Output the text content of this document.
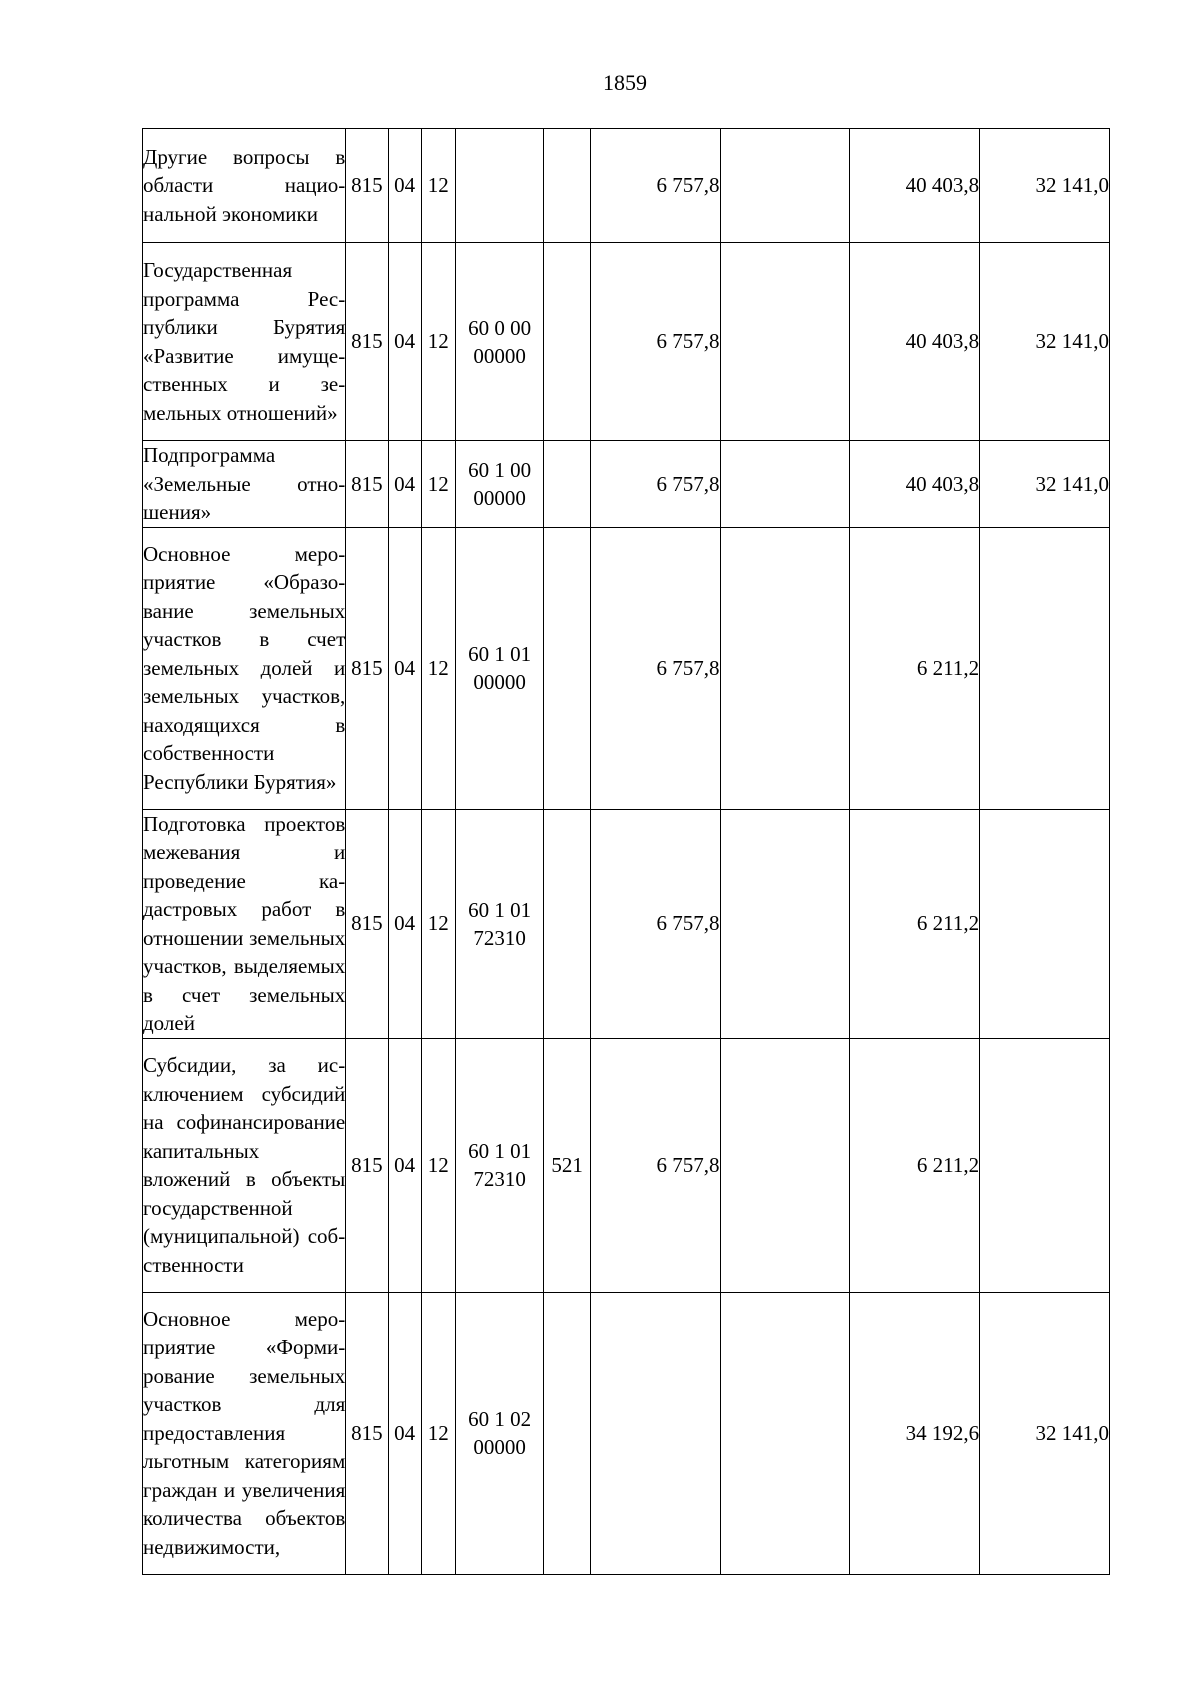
1859
Другие вопросы в области национальной экономики	815	04	12			6 757,8		40 403,8	32 141,0
Государственная программа Республики Бурятия «Развитие имущественных и земельных отношений»	815	04	12	60 0 00 00000		6 757,8		40 403,8	32 141,0
Подпрограмма «Земельные отношения»	815	04	12	60 1 00 00000		6 757,8		40 403,8	32 141,0
Основное мероприятие «Образование земельных участков в счет земельных долей и земельных участков, находящихся в собственности Республики Бурятия»	815	04	12	60 1 01 00000		6 757,8		6 211,2	
Подготовка проектов межевания и проведение кадастровых работ в отношении земельных участков, выделяемых в счет земельных долей	815	04	12	60 1 01 72310		6 757,8		6 211,2	
Субсидии, за исключением субсидий на софинансирование капитальных вложений в объекты государственной (муниципальной) собственности	815	04	12	60 1 01 72310	521	6 757,8		6 211,2	
Основное мероприятие «Формирование земельных участков для предоставления льготным категориям граждан и увеличения количества объектов недвижимости,	815	04	12	60 1 02 00000				34 192,6	32 141,0
